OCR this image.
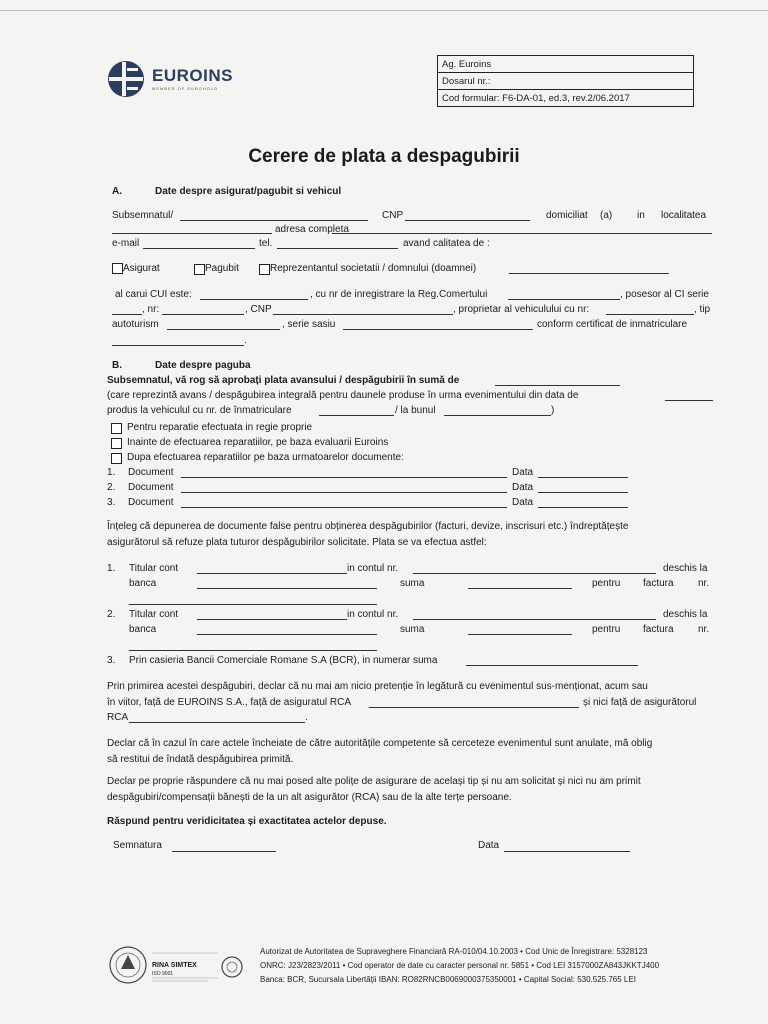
EUROINS
MEMBER OF EUROHOLD
Ag. Euroins
Dosarul nr.:
Cod formular: F6-DA-01, ed.3, rev.2/06.2017
Cerere de plata a despagubirii
A.	Date despre asigurat/pagubit si vehicul
Subsemnatul/	CNP	domiciliat (a) in localitatea
adresa completa
e-mail	tel.	avand calitatea de :
Asigurat	Pagubit	Reprezentantul societatii / domnului (doamnei)
al carui CUI este:	, cu nr de inregistrare la Reg.Comertului	, posesor al CI serie
, nr:	, CNP	, proprietar al vehiculului cu nr:	, tip
autoturism	, serie sasiu	conform certificat de inmatriculare
.
B.	Date despre paguba
Subsemnatul, vă rog să aprobați plata avansului / despăgubirii în sumă de
(care reprezintă avans / despăgubirea integrală pentru daunele produse în urma evenimentului din data de
produs la vehiculul cu nr. de înmatriculare	/ la bunul	)
Pentru reparatie efectuata in regie proprie
Inainte de efectuarea reparatiilor, pe baza evaluarii Euroins
Dupa efectuarea reparatiilor pe baza urmatoarelor documente:
1. Document	Data
2. Document	Data
3. Document	Data
Înțeleg că depunerea de documente false pentru obținerea despăgubirilor (facturi, devize, inscrisuri etc.) îndreptățește
asigurătorul să refuze plata tuturor despăgubirilor solicitate. Plata se va efectua astfel:
1. Titular cont	in contul nr.	deschis la
banca	suma	pentru factura nr.
2. Titular cont	in contul nr.	deschis la
banca	suma	pentru factura nr.
3. Prin casieria Bancii Comerciale Romane S.A (BCR), in numerar suma
Prin primirea acestei despăgubiri, declar că nu mai am nicio pretenție în legătură cu evenimentul sus-menționat, acum sau
în viitor, față de EUROINS S.A., față de asiguratul RCA	și nici față de asigurătorul
RCA	.
Declar că în cazul în care actele încheiate de către autoritățile competente să cerceteze evenimentul sunt anulate, mă oblig
să restitui de îndată despăgubirea primită.
Declar pe proprie răspundere că nu mai posed alte polițe de asigurare de același tip și nu am solicitat și nici nu am primit
despăgubiri/compensații bănești de la un alt asigurător (RCA) sau de la alte terțe persoane.
Răspund pentru veridicitatea și exactitatea actelor depuse.
Semnatura	Data
RINA SIMTEX
ISO 9001
Autorizat de Autoritatea de Supraveghere Financiară RA-010/04.10.2003 • Cod Unic de Înregistrare: 5328123
ONRC: J23/2823/2011 • Cod operator de date cu caracter personal nr. 5851 • Cod LEI 3157000ZA843JKKTJ400
Banca: BCR, Sucursala Libertății IBAN: RO82RNCB0069000375350001 • Capital Social: 530.525.765 LEI
